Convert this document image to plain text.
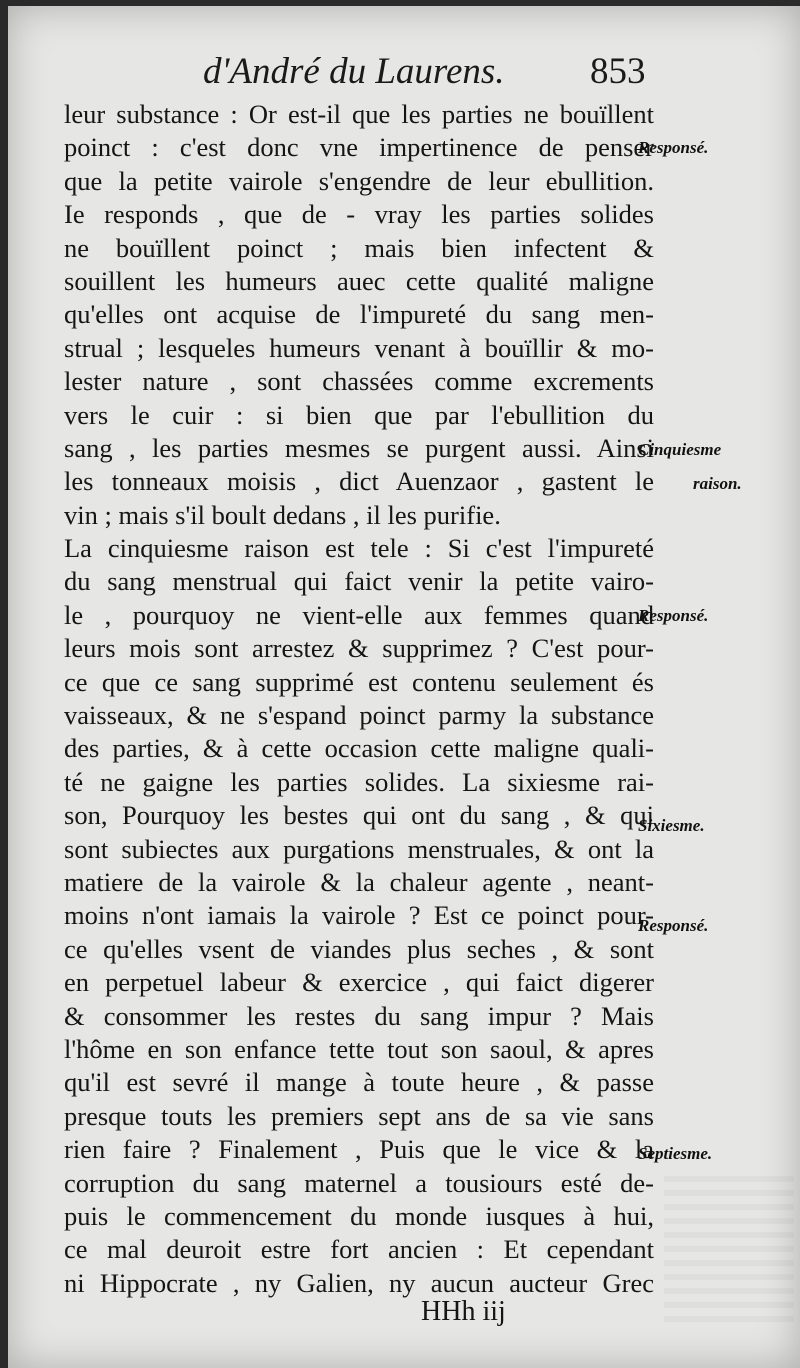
d'André du Laurens. 853
leur substance : Or est-il que les parties ne bouïllent
poinct : c'est donc vne impertinence de penser
que la petite vairole s'engendre de leur ebullition.
Ie responds , que de - vray les parties solides
ne bouïllent poinct ; mais bien infectent &
souillent les humeurs auec cette qualité maligne
qu'elles ont acquise de l'impureté du sang men-
strual ; lesqueles humeurs venant à bouïllir & mo-
lester nature , sont chassées comme excrements
vers le cuir : si bien que par l'ebullition du
sang , les parties mesmes se purgent aussi. Ainsi
les tonneaux moisis , dict Auenzaor , gastent le
vin ; mais s'il boult dedans , il les purifie.
La cinquiesme raison est tele : Si c'est l'impureté
du sang menstrual qui faict venir la petite vairo-
le , pourquoy ne vient-elle aux femmes quand
leurs mois sont arrestez & supprimez ? C'est pour-
ce que ce sang supprimé est contenu seulement és
vaisseaux, & ne s'espand poinct parmy la substance
des parties, & à cette occasion cette maligne quali-
té ne gaigne les parties solides. La sixiesme rai-
son, Pourquoy les bestes qui ont du sang , & qui
sont subiectes aux purgations menstruales, & ont la
matiere de la vairole & la chaleur agente , neant-
moins n'ont iamais la vairole ? Est ce poinct pour-
ce qu'elles vsent de viandes plus seches , & sont
en perpetuel labeur & exercice , qui faict digerer
& consommer les restes du sang impur ? Mais
l'hôme en son enfance tette tout son saoul, & apres
qu'il est sevré il mange à toute heure , & passe
presque touts les premiers sept ans de sa vie sans
rien faire ? Finalement , Puis que le vice & la
corruption du sang maternel a tousiours esté de-
puis le commencement du monde iusques à hui,
ce mal deuroit estre fort ancien : Et cependant
ni Hippocrate , ny Galien, ny aucun aucteur Grec
Responsé.
Cinquiesme
raison.
Responsé.
Sixiesme.
Responsé.
Septiesme.
HHh iij
